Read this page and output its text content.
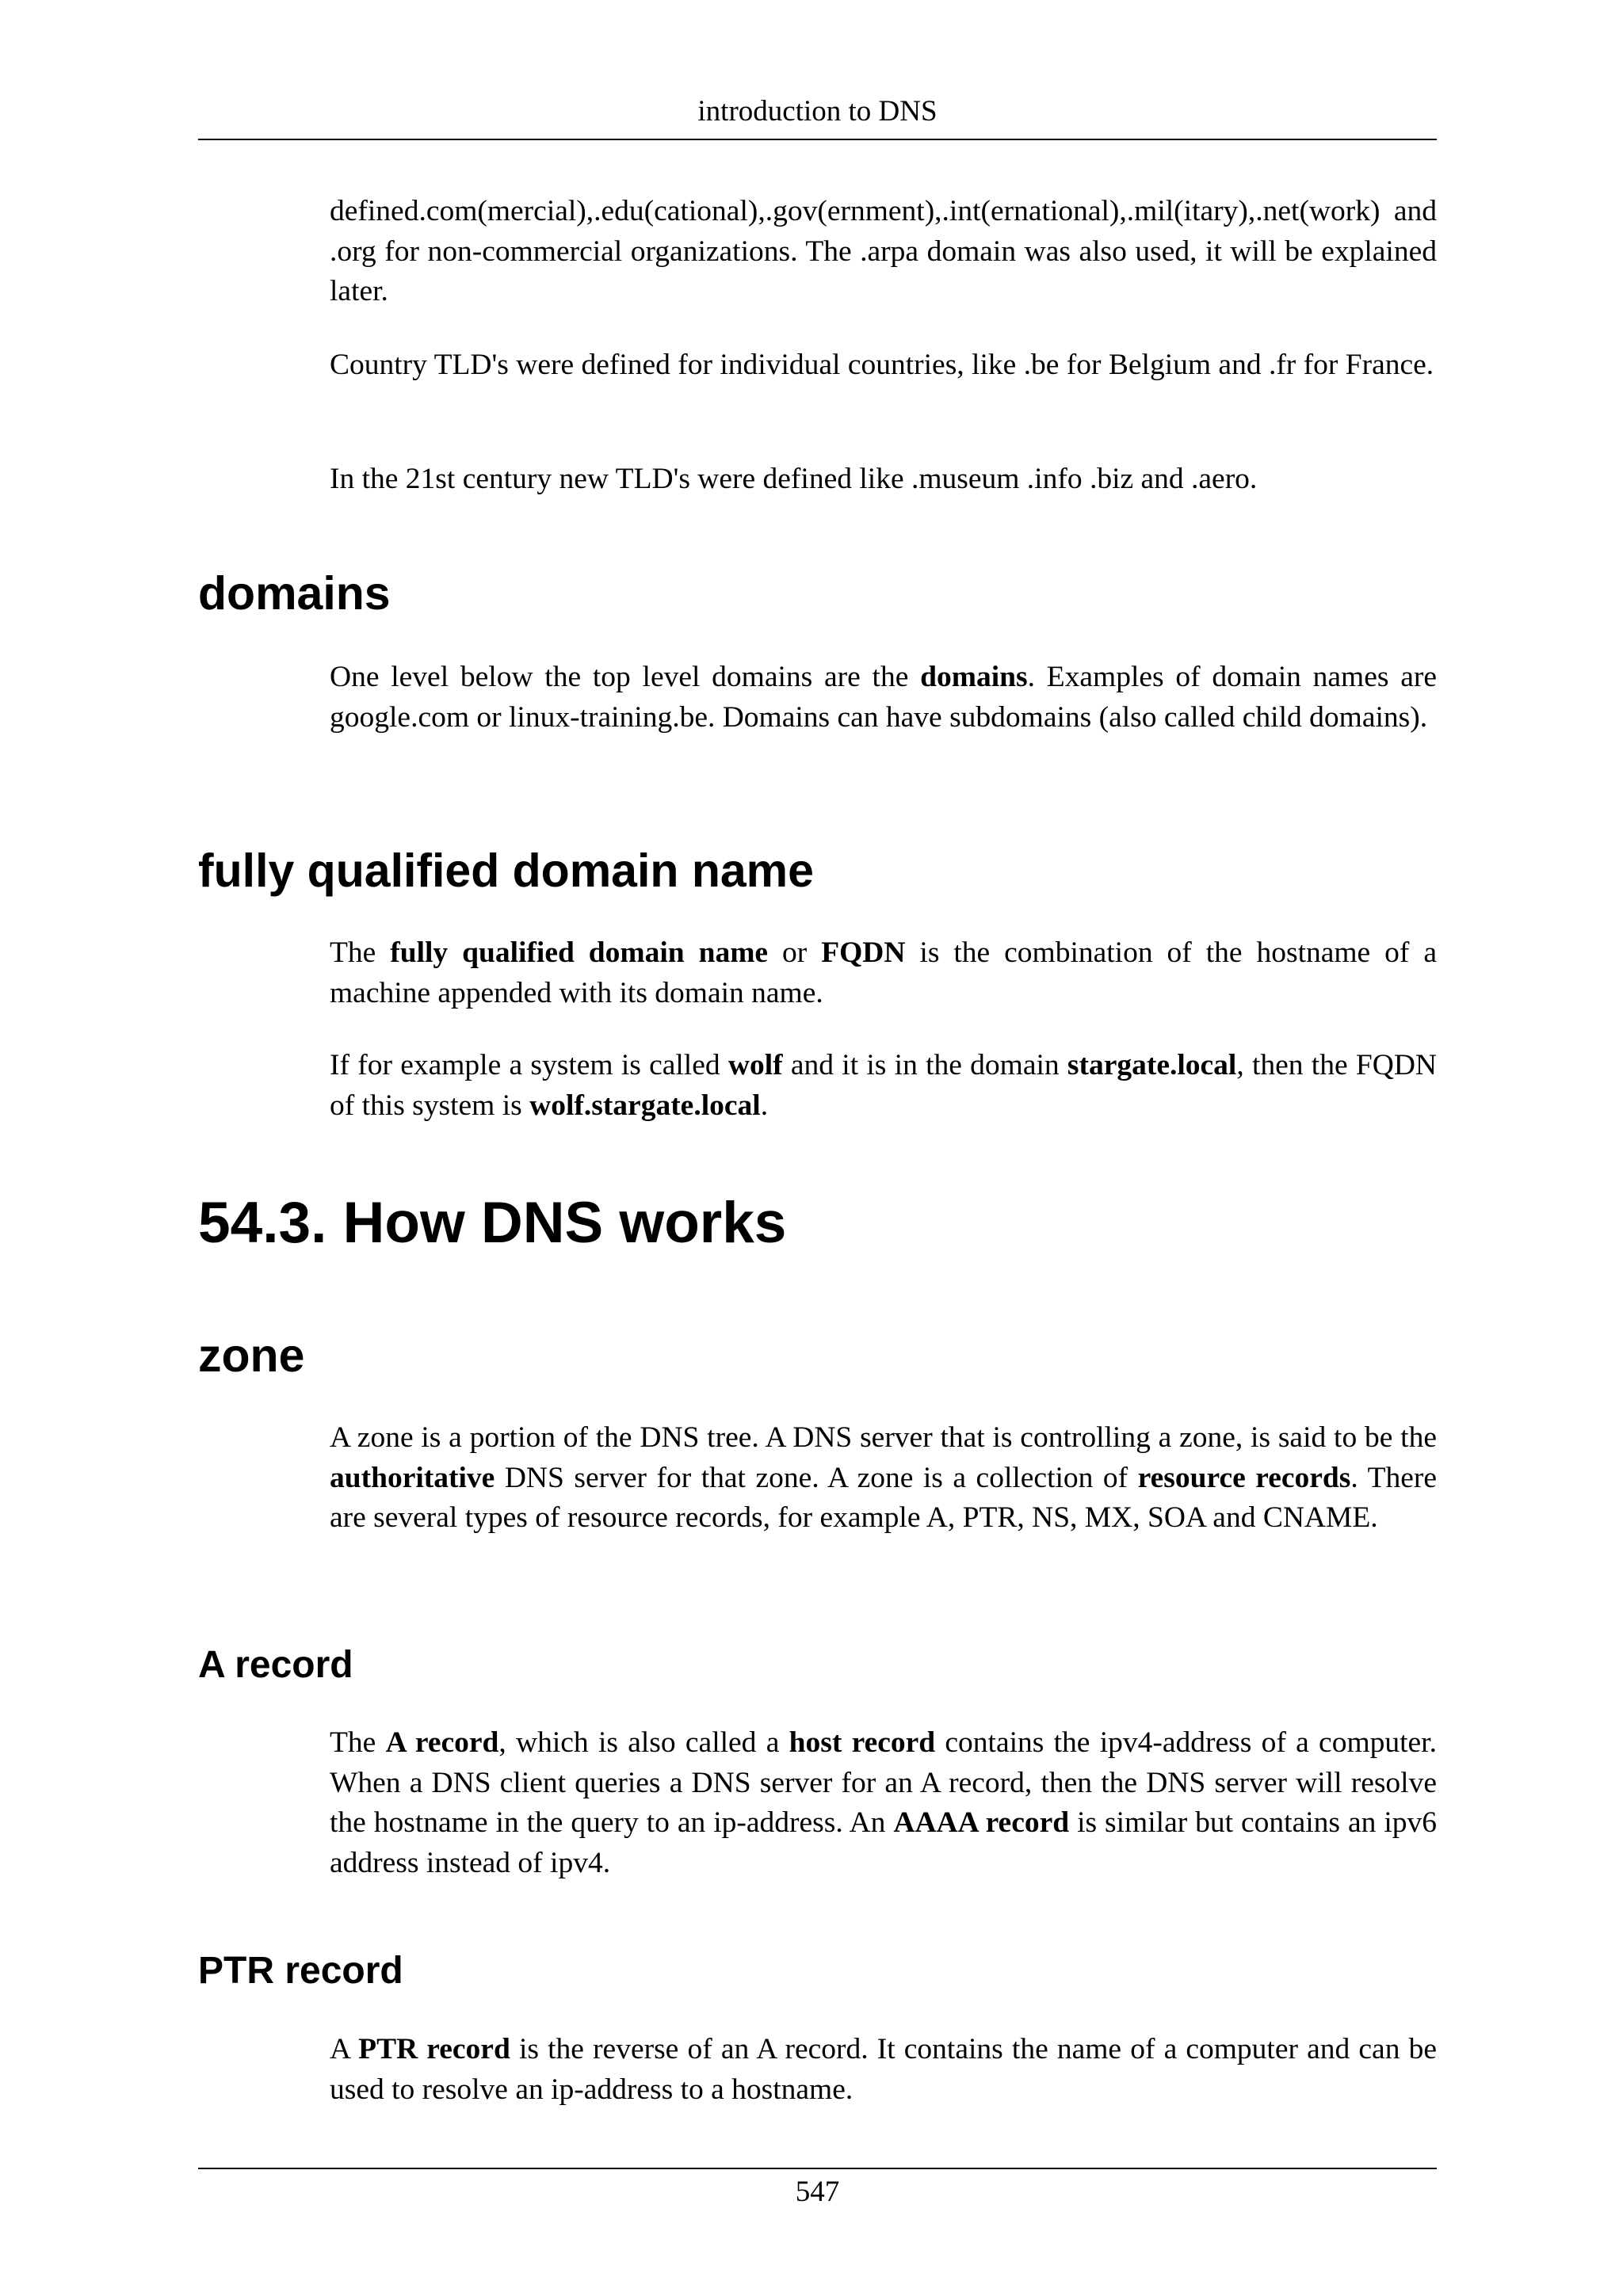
introduction to DNS

defined.com(mercial),.edu(cational),.gov(ernment),.int(ernational),.mil(itary),.net(work) and .org for non-commercial organizations. The .arpa domain was also used, it will be explained later.

Country TLD's were defined for individual countries, like .be for Belgium and .fr for France.

In the 21st century new TLD's were defined like .museum .info .biz and .aero.

domains

One level below the top level domains are the domains. Examples of domain names are google.com or linux-training.be. Domains can have subdomains (also called child domains).

fully qualified domain name

The fully qualified domain name or FQDN is the combination of the hostname of a machine appended with its domain name.

If for example a system is called wolf and it is in the domain stargate.local, then the FQDN of this system is wolf.stargate.local.

54.3. How DNS works
zone

A zone is a portion of the DNS tree. A DNS server that is controlling a zone, is said to be the authoritative DNS server for that zone. A zone is a collection of resource records. There are several types of resource records, for example A, PTR, NS, MX, SOA and CNAME.

A record

The A record, which is also called a host record contains the ipv4-address of a computer. When a DNS client queries a DNS server for an A record, then the DNS server will resolve the hostname in the query to an ip-address. An AAAA record is similar but contains an ipv6 address instead of ipv4.

PTR record

A PTR record is the reverse of an A record. It contains the name of a computer and can be used to resolve an ip-address to a hostname.

547
